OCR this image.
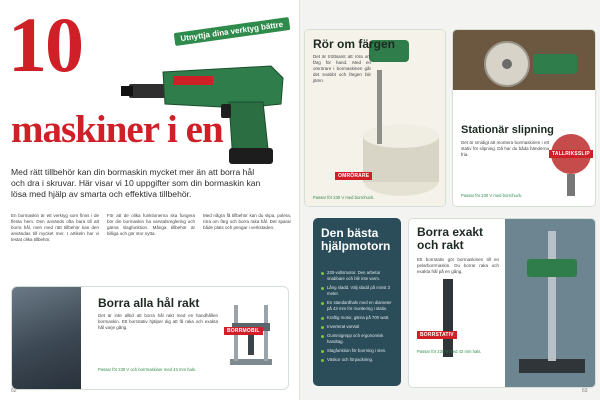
10	Utnyttja dina verktyg bättre
maskiner i en
Med rätt tillbehör kan din bormaskin mycket mer än att borra hål och dra i skruvar. Här visar vi 10 uppgifter som din bormaskin kan lösa med hjälp av smarta och effektiva tillbehör.
En bormaskin är ett verktyg som finns i de flesta hem. Den används ofta bara till att borra hål, men med rätt tillbehör kan den användas till mycket mer. I artikeln har vi testat olika tillbehör.
För att de olika funktionerna ska fungera bör din bormaskin ha varvtalsreglering och gärna slagfunktion. Många tillbehör är billiga och gör stor nytta.
Med några få tillbehör kan du slipa, polera, röra om färg och borra raka hål. Det sparar både plats och pengar i verkstaden.
Borra alla hål rakt
Det är inte alltid att borra hål rakt med en handhållen bormaskin. Ett borrstativ hjälper dig att få raka och exakta hål varje gång.
BORRMOBIL
Passar för 230 V och borrmaskiner med 43 mm hals.
62
Rör om färgen
Det är tröttsamt att röra om färg för hand. Med en omrörare i bormaskinen går det snabbt och färgen blir jämn.
OMRÖRARE
Passar för 230 V med borrchuck.
Stationär slipning
Det är smidigt att montera bormaskinen i ett stativ för slipning. Då har du båda händerna fria.	TALLRIKSSLIP
Passar för 230 V med borrchuck.
Den bästa hjälpmotorn
230-voltsmotor. Den arbetar snabbare och blir inte varm.
Lång sladd. Välj sladd på minst 3 meter.
En standardhals med en diameter på 43 mm för montering i stativ.
Kraftig motor, gärna på 700 watt.
Inverterat varvtal
Gummigrepp och ergonomisk handtag.
Slagfunktion för borrning i sten.
Väskor och förpackning.
Borra exakt och rakt
Ett borrstativ gör bormaskinen till en pelarborrmaskin. Du borrar raka och exakta hål på en gång.
BORRSTATIV
Passar för 230 V med 43 mm hals.
63
